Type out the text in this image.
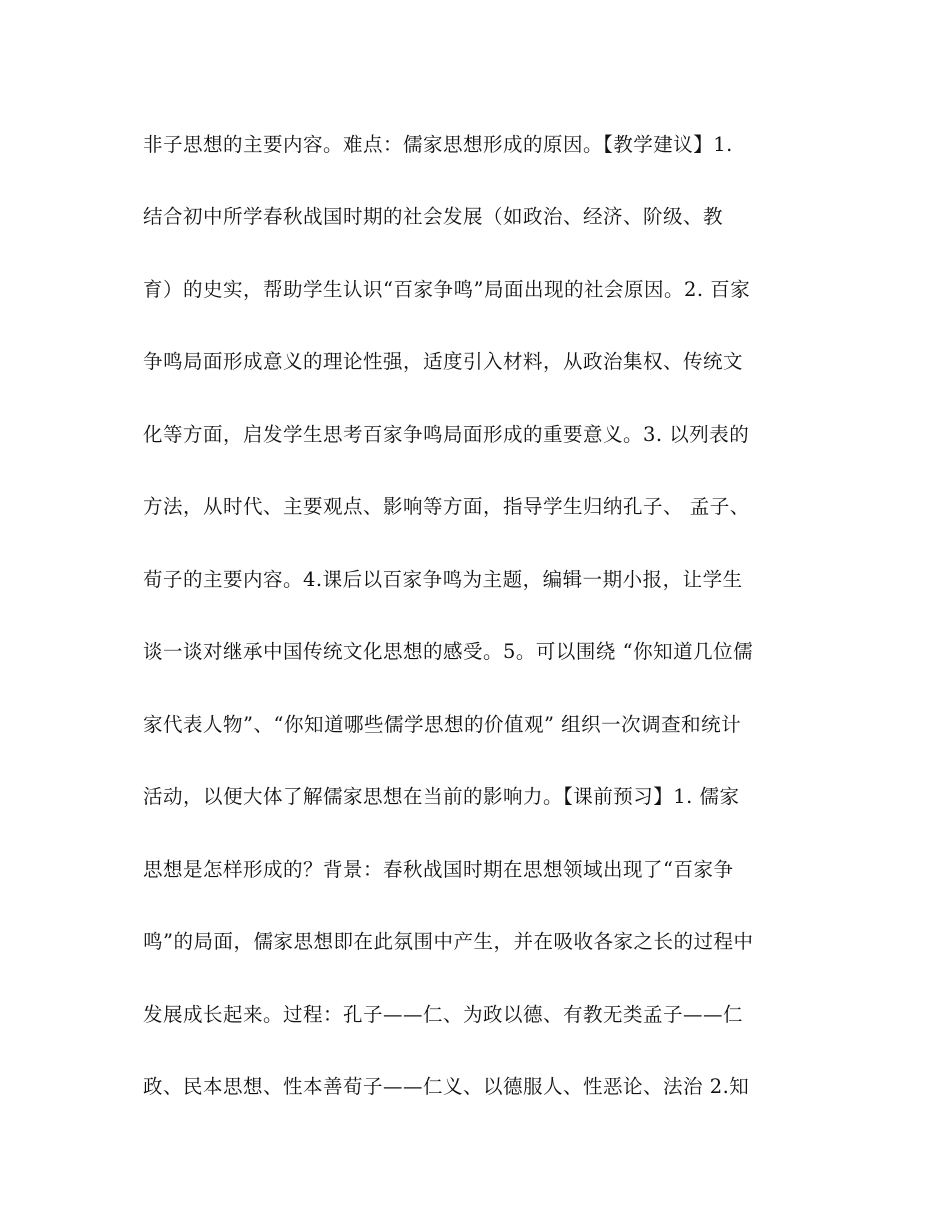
非子思想的主要内容。难点：儒家思想形成的原因。【教学建议】1.
结合初中所学春秋战国时期的社会发展（如政治、经济、阶级、教
育）的史实，帮助学生认识“百家争鸣”局面出现的社会原因。2. 百家
争鸣局面形成意义的理论性强，适度引入材料，从政治集权、传统文
化等方面，启发学生思考百家争鸣局面形成的重要意义。3. 以列表的
方法，从时代、主要观点、影响等方面，指导学生归纳孔子、 孟子、
荀子的主要内容。4.课后以百家争鸣为主题，编辑一期小报，让学生
谈一谈对继承中国传统文化思想的感受。5。可以围绕 “你知道几位儒
家代表人物”、“你知道哪些儒学思想的价值观” 组织一次调查和统计
活动，以便大体了解儒家思想在当前的影响力。【课前预习】1. 儒家
思想是怎样形成的？背景：春秋战国时期在思想领域出现了“百家争
鸣”的局面，儒家思想即在此氛围中产生，并在吸收各家之长的过程中
发展成长起来。过程：孔子——仁、为政以德、有教无类孟子——仁
政、民本思想、性本善荀子——仁义、以德服人、性恶论、法治 2.知
